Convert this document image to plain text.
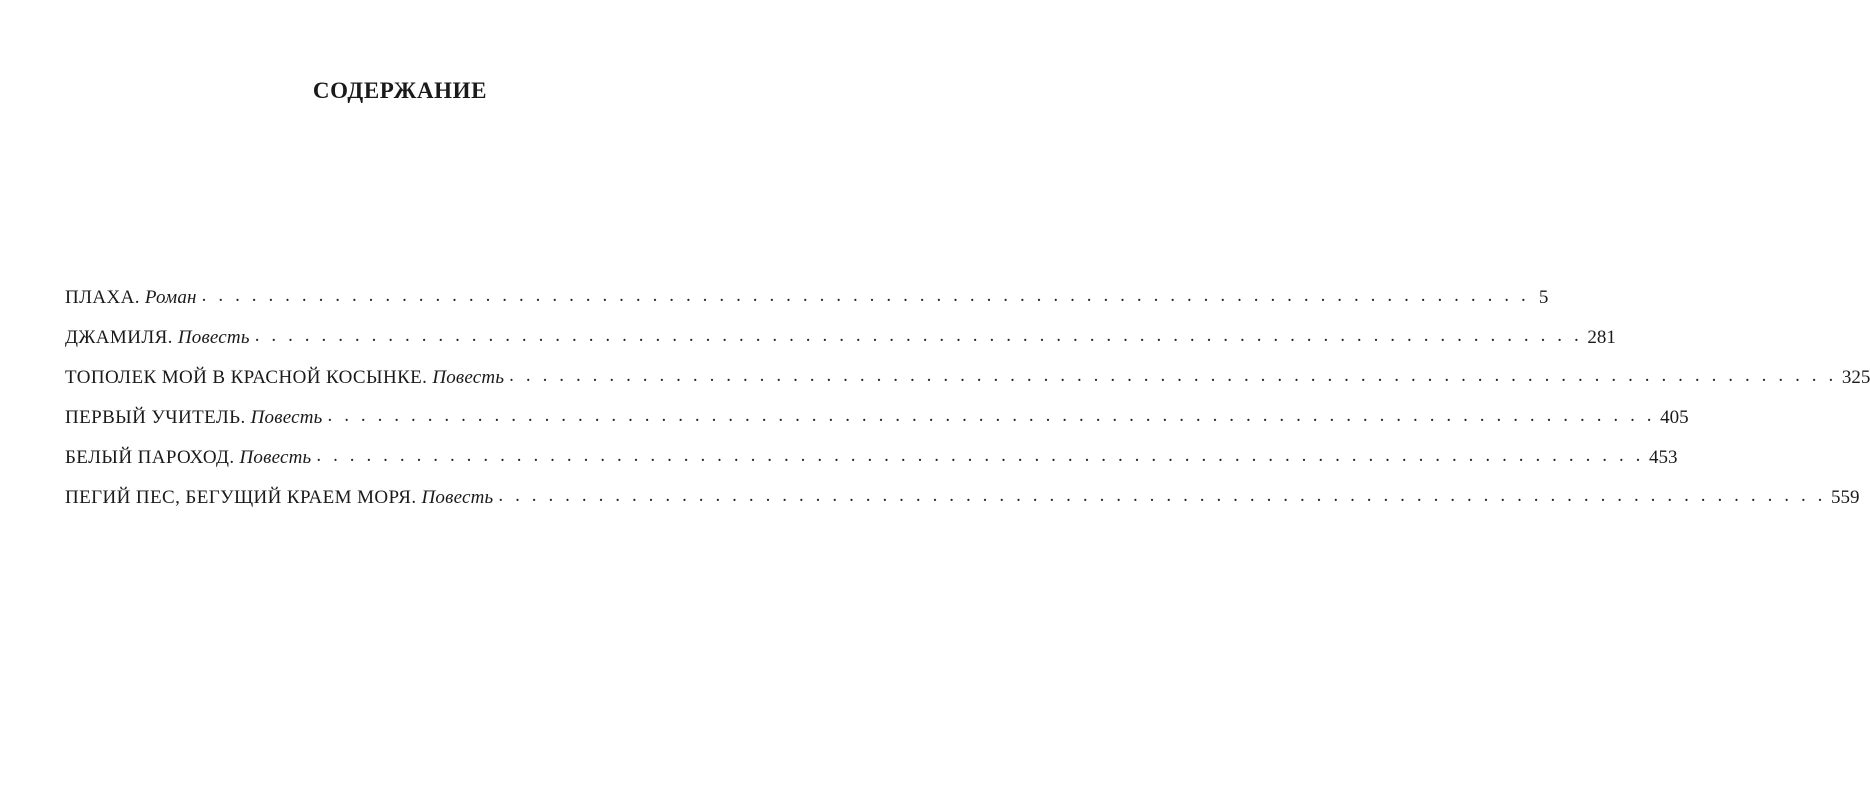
СОДЕРЖАНИЕ
ПЛАХА. Роман . . . . . . . . . . . . . . . . . . . . . . . . . . . . . . . . . . . . . . . . . . . . . . . . . . . . . . . . . . . . . . . . . . . . . . . . . . . . . . . . 5
ДЖАМИЛЯ. Повесть . . . . . . . . . . . . . . . . . . . . . . . . . . . . . . . . . . . . . . . . . . . . . . . . . . . . . . . . . . . . . . . . . . . . . . . . . . . . . . . . 281
ТОПОЛЕК МОЙ В КРАСНОЙ КОСЫНКЕ. Повесть . . . . . . . . . . . . . . . . . . . . . . . . . . . . . . . . . . . . . . . . . . . . . . . . . . . . . . . . . . . . . . . . . . . . . . . . . . . . . . . . 325
ПЕРВЫЙ УЧИТЕЛЬ. Повесть . . . . . . . . . . . . . . . . . . . . . . . . . . . . . . . . . . . . . . . . . . . . . . . . . . . . . . . . . . . . . . . . . . . . . . . . . . . . . . . . 405
БЕЛЫЙ ПАРОХОД. Повесть . . . . . . . . . . . . . . . . . . . . . . . . . . . . . . . . . . . . . . . . . . . . . . . . . . . . . . . . . . . . . . . . . . . . . . . . . . . . . . . . 453
ПЕГИЙ ПЕС, БЕГУЩИЙ КРАЕМ МОРЯ. Повесть . . . . . . . . . . . . . . . . . . . . . . . . . . . . . . . . . . . . . . . . . . . . . . . . . . . . . . . . . . . . . . . . . . . . . . . . . . . . . . . . 559
